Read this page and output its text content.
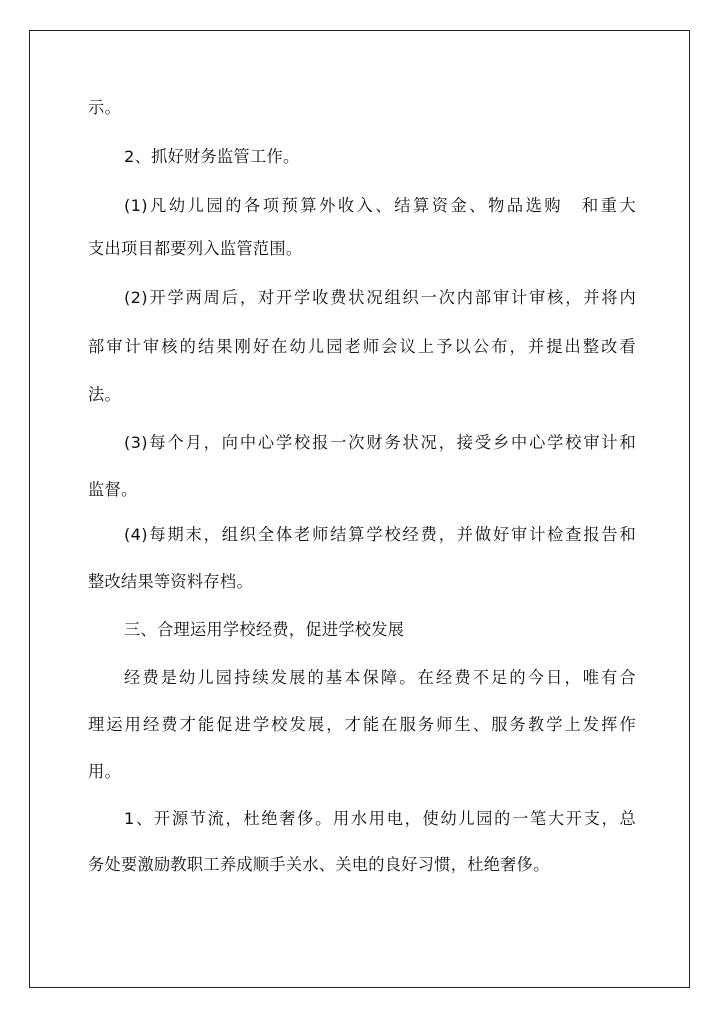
示。
2、抓好财务监管工作。
(1)凡幼儿园的各项预算外收入、结算资金、物品选购　和重大
支出项目都要列入监管范围。
(2)开学两周后，对开学收费状况组织一次内部审计审核，并将内
部审计审核的结果刚好在幼儿园老师会议上予以公布，并提出整改看
法。
(3)每个月，向中心学校报一次财务状况，接受乡中心学校审计和
监督。
(4)每期末，组织全体老师结算学校经费，并做好审计检查报告和
整改结果等资料存档。
三、合理运用学校经费，促进学校发展
经费是幼儿园持续发展的基本保障。在经费不足的今日，唯有合
理运用经费才能促进学校发展，才能在服务师生、服务教学上发挥作
用。
1、开源节流，杜绝奢侈。用水用电，使幼儿园的一笔大开支，总
务处要激励教职工养成顺手关水、关电的良好习惯，杜绝奢侈。
